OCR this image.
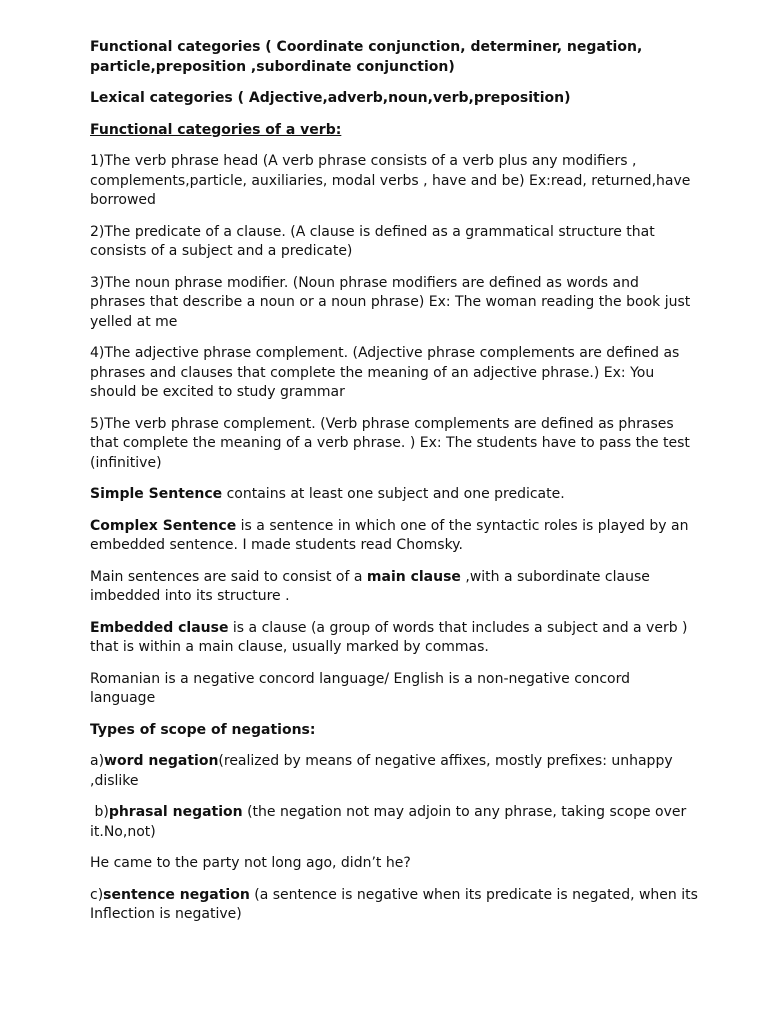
Functional categories ( Coordinate conjunction, determiner, negation, particle,preposition ,subordinate conjunction)

Lexical categories ( Adjective,adverb,noun,verb,preposition)

Functional categories of a verb:

1)The verb phrase head (A verb phrase consists of a verb plus any modifiers , complements,particle, auxiliaries, modal verbs , have and be) Ex:read, returned,have borrowed

2)The predicate of a clause. (A clause is defined as a grammatical structure that consists of a subject and a predicate)

3)The noun phrase modifier. (Noun phrase modifiers are defined as words and phrases that describe a noun or a noun phrase) Ex: The woman reading the book just yelled at me

4)The adjective phrase complement. (Adjective phrase complements are defined as phrases and clauses that complete the meaning of an adjective phrase.) Ex: You should be excited to study grammar

5)The verb phrase complement. (Verb phrase complements are defined as phrases that complete the meaning of a verb phrase. ) Ex: The students have to pass the test (infinitive)

Simple Sentence contains at least one subject and one predicate.

Complex Sentence is a sentence in which one of the syntactic roles is played by an embedded sentence. I made students read Chomsky.

Main sentences are said to consist of a main clause ,with a subordinate clause imbedded into its structure .

Embedded clause is a clause (a group of words that includes a subject and a verb ) that is within a main clause, usually marked by commas.

Romanian is a negative concord language/ English is a non-negative concord language

Types of scope of negations:

a)word negation(realized by means of negative affixes, mostly prefixes: unhappy ,dislike

b)phrasal negation (the negation not may adjoin to any phrase, taking scope over it.No,not)

He came to the party not long ago, didn’t he?

c)sentence negation (a sentence is negative when its predicate is negated, when its Inflection is negative)
